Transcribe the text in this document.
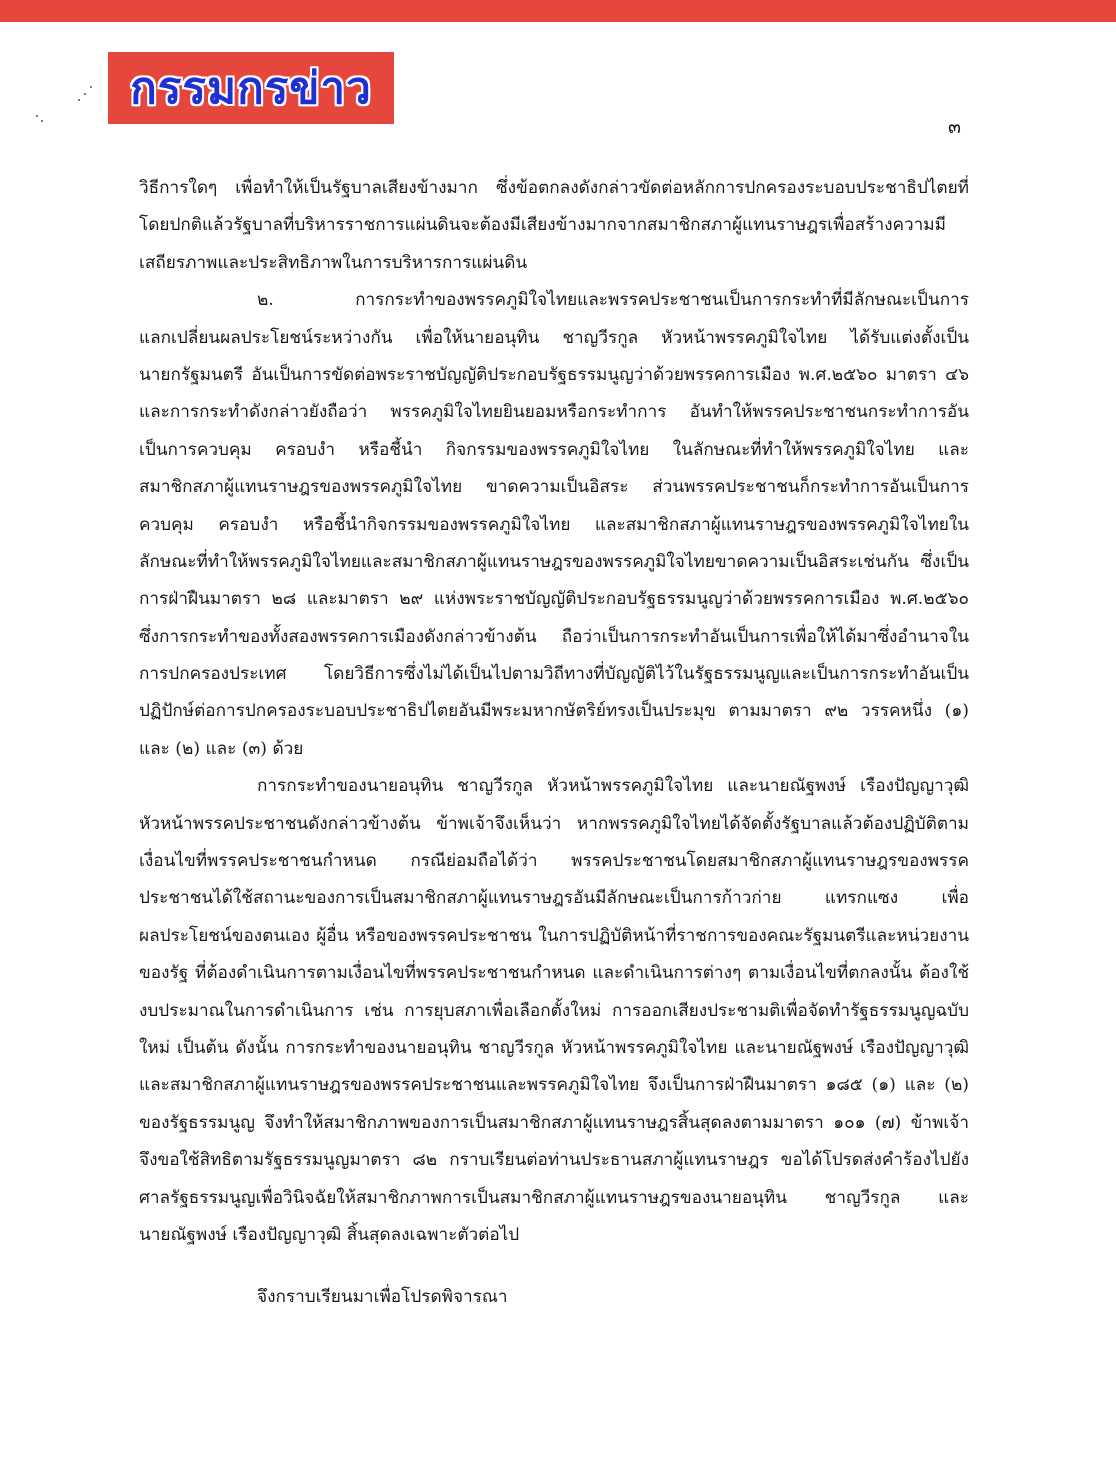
กรรมกรข่าว
๓
วิธีการใดๆ เพื่อทำให้เป็นรัฐบาลเสียงข้างมาก ซึ่งข้อตกลงดังกล่าวขัดต่อหลักการปกครองระบอบประชาธิปไตยที่
โดยปกติแล้วรัฐบาลที่บริหารราชการแผ่นดินจะต้องมีเสียงข้างมากจากสมาชิกสภาผู้แทนราษฎรเพื่อสร้างความมี
เสถียรภาพและประสิทธิภาพในการบริหารการแผ่นดิน
๒. การกระทำของพรรคภูมิใจไทยและพรรคประชาชนเป็นการกระทำที่มีลักษณะเป็นการ
แลกเปลี่ยนผลประโยชน์ระหว่างกัน เพื่อให้นายอนุทิน ชาญวีรกูล หัวหน้าพรรคภูมิใจไทย ได้รับแต่งตั้งเป็น
นายกรัฐมนตรี อันเป็นการขัดต่อพระราชบัญญัติประกอบรัฐธรรมนูญว่าด้วยพรรคการเมือง พ.ศ.๒๕๖๐ มาตรา ๔๖
และการกระทำดังกล่าวยังถือว่า พรรคภูมิใจไทยยินยอมหรือกระทำการ อันทำให้พรรคประชาชนกระทำการอัน
เป็นการควบคุม ครอบงำ หรือชี้นำ กิจกรรมของพรรคภูมิใจไทย ในลักษณะที่ทำให้พรรคภูมิใจไทย และ
สมาชิกสภาผู้แทนราษฎรของพรรคภูมิใจไทย ขาดความเป็นอิสระ ส่วนพรรคประชาชนก็กระทำการอันเป็นการ
ควบคุม ครอบงำ หรือชี้นำกิจกรรมของพรรคภูมิใจไทย และสมาชิกสภาผู้แทนราษฎรของพรรคภูมิใจไทยใน
ลักษณะที่ทำให้พรรคภูมิใจไทยและสมาชิกสภาผู้แทนราษฎรของพรรคภูมิใจไทยขาดความเป็นอิสระเช่นกัน ซึ่งเป็น
การฝ่าฝืนมาตรา ๒๘ และมาตรา ๒๙ แห่งพระราชบัญญัติประกอบรัฐธรรมนูญว่าด้วยพรรคการเมือง พ.ศ.๒๕๖๐
ซึ่งการกระทำของทั้งสองพรรคการเมืองดังกล่าวข้างต้น ถือว่าเป็นการกระทำอันเป็นการเพื่อให้ได้มาซึ่งอำนาจใน
การปกครองประเทศ โดยวิธีการซึ่งไม่ได้เป็นไปตามวิถีทางที่บัญญัติไว้ในรัฐธรรมนูญและเป็นการกระทำอันเป็น
ปฏิปักษ์ต่อการปกครองระบอบประชาธิปไตยอันมีพระมหากษัตริย์ทรงเป็นประมุข ตามมาตรา ๙๒ วรรคหนึ่ง (๑)
และ (๒) และ (๓) ด้วย
การกระทำของนายอนุทิน ชาญวีรกูล หัวหน้าพรรคภูมิใจไทย และนายณัฐพงษ์ เรืองปัญญาวุฒิ
หัวหน้าพรรคประชาชนดังกล่าวข้างต้น ข้าพเจ้าจึงเห็นว่า หากพรรคภูมิใจไทยได้จัดตั้งรัฐบาลแล้วต้องปฏิบัติตาม
เงื่อนไขที่พรรคประชาชนกำหนด กรณีย่อมถือได้ว่า พรรคประชาชนโดยสมาชิกสภาผู้แทนราษฎรของพรรค
ประชาชนได้ใช้สถานะของการเป็นสมาชิกสภาผู้แทนราษฎรอันมีลักษณะเป็นการก้าวก่าย แทรกแซง เพื่อ
ผลประโยชน์ของตนเอง ผู้อื่น หรือของพรรคประชาชน ในการปฏิบัติหน้าที่ราชการของคณะรัฐมนตรีและหน่วยงาน
ของรัฐ ที่ต้องดำเนินการตามเงื่อนไขที่พรรคประชาชนกำหนด และดำเนินการต่างๆ ตามเงื่อนไขที่ตกลงนั้น ต้องใช้
งบประมาณในการดำเนินการ เช่น การยุบสภาเพื่อเลือกตั้งใหม่ การออกเสียงประชามติเพื่อจัดทำรัฐธรรมนูญฉบับ
ใหม่ เป็นต้น ดังนั้น การกระทำของนายอนุทิน ชาญวีรกูล หัวหน้าพรรคภูมิใจไทย และนายณัฐพงษ์ เรืองปัญญาวุฒิ
และสมาชิกสภาผู้แทนราษฎรของพรรคประชาชนและพรรคภูมิใจไทย จึงเป็นการฝ่าฝืนมาตรา ๑๘๕ (๑) และ (๒)
ของรัฐธรรมนูญ จึงทำให้สมาชิกภาพของการเป็นสมาชิกสภาผู้แทนราษฎรสิ้นสุดลงตามมาตรา ๑๐๑ (๗) ข้าพเจ้า
จึงขอใช้สิทธิตามรัฐธรรมนูญมาตรา ๘๒ กราบเรียนต่อท่านประธานสภาผู้แทนราษฎร ขอได้โปรดส่งคำร้องไปยัง
ศาลรัฐธรรมนูญเพื่อวินิจฉัยให้สมาชิกภาพการเป็นสมาชิกสภาผู้แทนราษฎรของนายอนุทิน ชาญวีรกูล และ
นายณัฐพงษ์ เรืองปัญญาวุฒิ สิ้นสุดลงเฉพาะตัวต่อไป
จึงกราบเรียนมาเพื่อโปรดพิจารณา
